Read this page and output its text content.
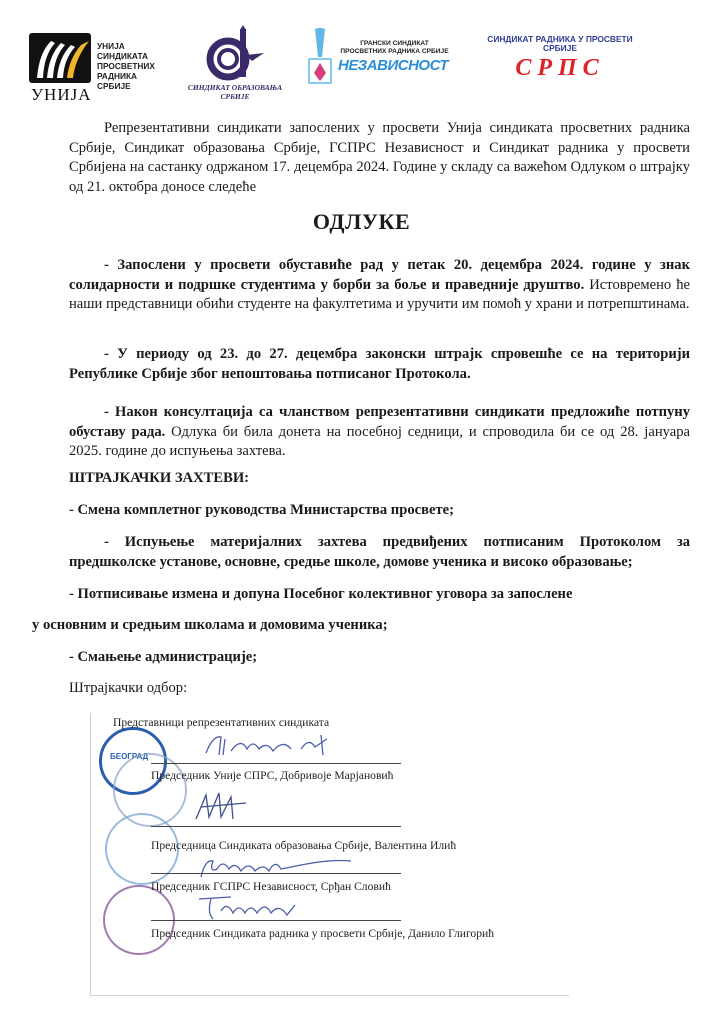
УНИЈА
УНИЈА
СИНДИКАТА
ПРОСВЕТНИХ
РАДНИКА
СРБИЈЕ	СИНДИКАТ ОБРАЗОВАЊА
СРБИЈЕ
ГРАНСКИ СИНДИКАТ
ПРОСВЕТНИХ РАДНИКА СРБИЈЕ
НЕЗАВИСНОСТ
СИНДИКАТ РАДНИКА У ПРОСВЕТИ
СРБИЈЕ
СРПС

Репрезентативни синдикати запослених у просвети Унија синдиката просветних радника Србије, Синдикат образовања Србије, ГСПРС Независност и Синдикат радника у просвети Србијена на састанку одржаном 17. децембра 2024. Године у складу са важећом Одлуком о штрајку од 21. октобра доносе следеће

ОДЛУКЕ

- Запослени у просвети обуставиће рад у петак 20. децембра 2024. године у знак солидарности и подршке студентима у борби за боље и праведније друштво. Истовремено ће наши представници обићи студенте на факултетима и уручити им помоћ у храни и потрепштинама.

- У периоду од 23. до 27. децембра законски штрајк спровешће се на територији Републике Србије због непоштовања потписаног Протокола.

- Након консултација са чланством репрезентативни синдикати предложиће потпуну обуставу рада. Одлука би била донета на посебној седници, и спроводила би се од 28. јануара 2025. године до испуњења захтева.

ШТРАЈКАЧКИ ЗАХТЕВИ:

- Смена комплетног руководства Министарства просвете;

- Испуњење материјалних захтева предвиђених потписаним Протоколом за предшколске установе, основне, средње школе, домове ученика и високо образовање;

- Потписивање измена и допуна Посебног колективног уговора за запослене

у основним и средњим школама и домовима ученика;

- Смањење администрације;

Штрајкачки одбор:

БЕОГРАД
Представници репрезентативних синдиката
Председник Уније СПРС, Добривоје Марјановић
Председница Синдиката образовања Србије, Валентина Илић
Председник ГСПРС Независност, Срђан Словић
Председник Синдиката радника у просвети Србије, Данило Глигорић
